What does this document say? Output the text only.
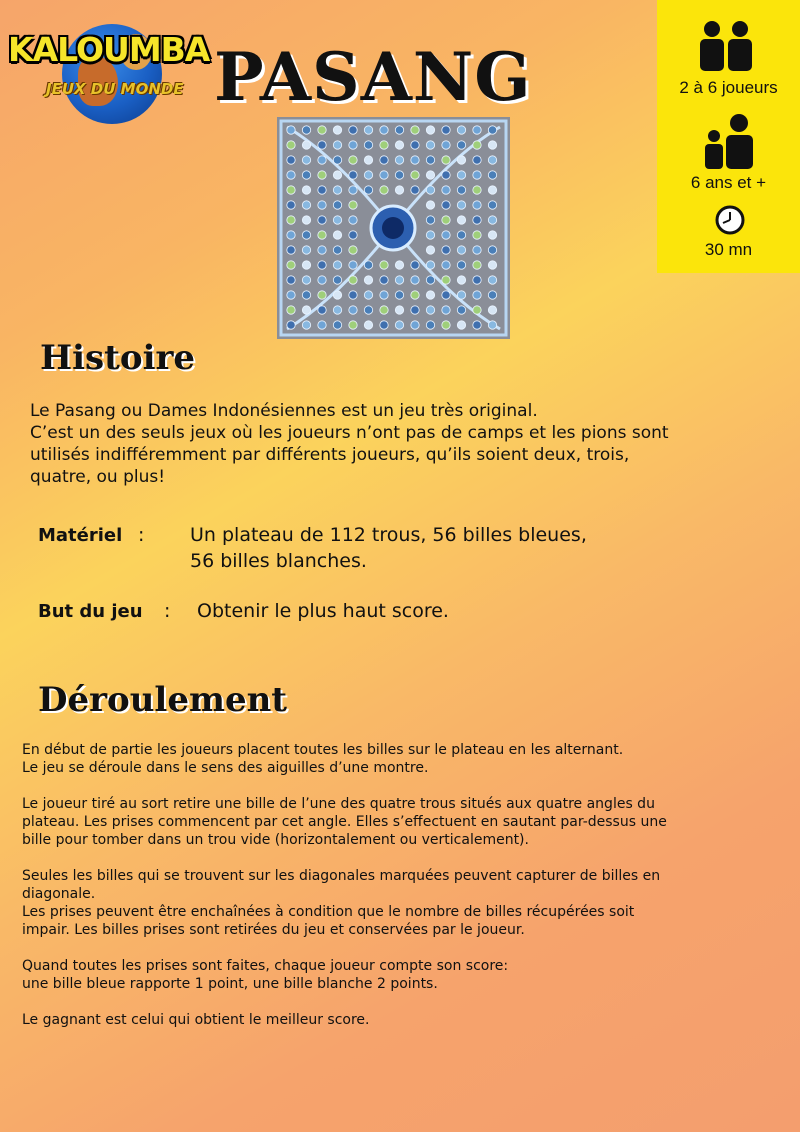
KALOUMBA
JEUX DU MONDE PASANG	2 à 6 joueurs
6 ans et +
30 mn
Histoire
Le Pasang ou Dames Indonésiennes est un jeu très original.
C’est un des seuls jeux où les joueurs n’ont pas de camps et les pions sont
utilisés indifféremment par différents joueurs, qu’ils soient deux, trois,
quatre, ou plus!
Matériel : Un plateau de 112 trous, 56 billes bleues,
56 billes blanches.
But du jeu : Obtenir le plus haut score.
Déroulement
En début de partie les joueurs placent toutes les billes sur le plateau en les alternant.
Le jeu se déroule dans le sens des aiguilles d’une montre.

Le joueur tiré au sort retire une bille de l’une des quatre trous situés aux quatre angles du
plateau. Les prises commencent par cet angle. Elles s’effectuent en sautant par-dessus une
bille pour tomber dans un trou vide (horizontalement ou verticalement).

Seules les billes qui se trouvent sur les diagonales marquées peuvent capturer de billes en
diagonale.
Les prises peuvent être enchaînées à condition que le nombre de billes récupérées soit
impair. Les billes prises sont retirées du jeu et conservées par le joueur.

Quand toutes les prises sont faites, chaque joueur compte son score:
une bille bleue rapporte 1 point, une bille blanche 2 points.

Le gagnant est celui qui obtient le meilleur score.
